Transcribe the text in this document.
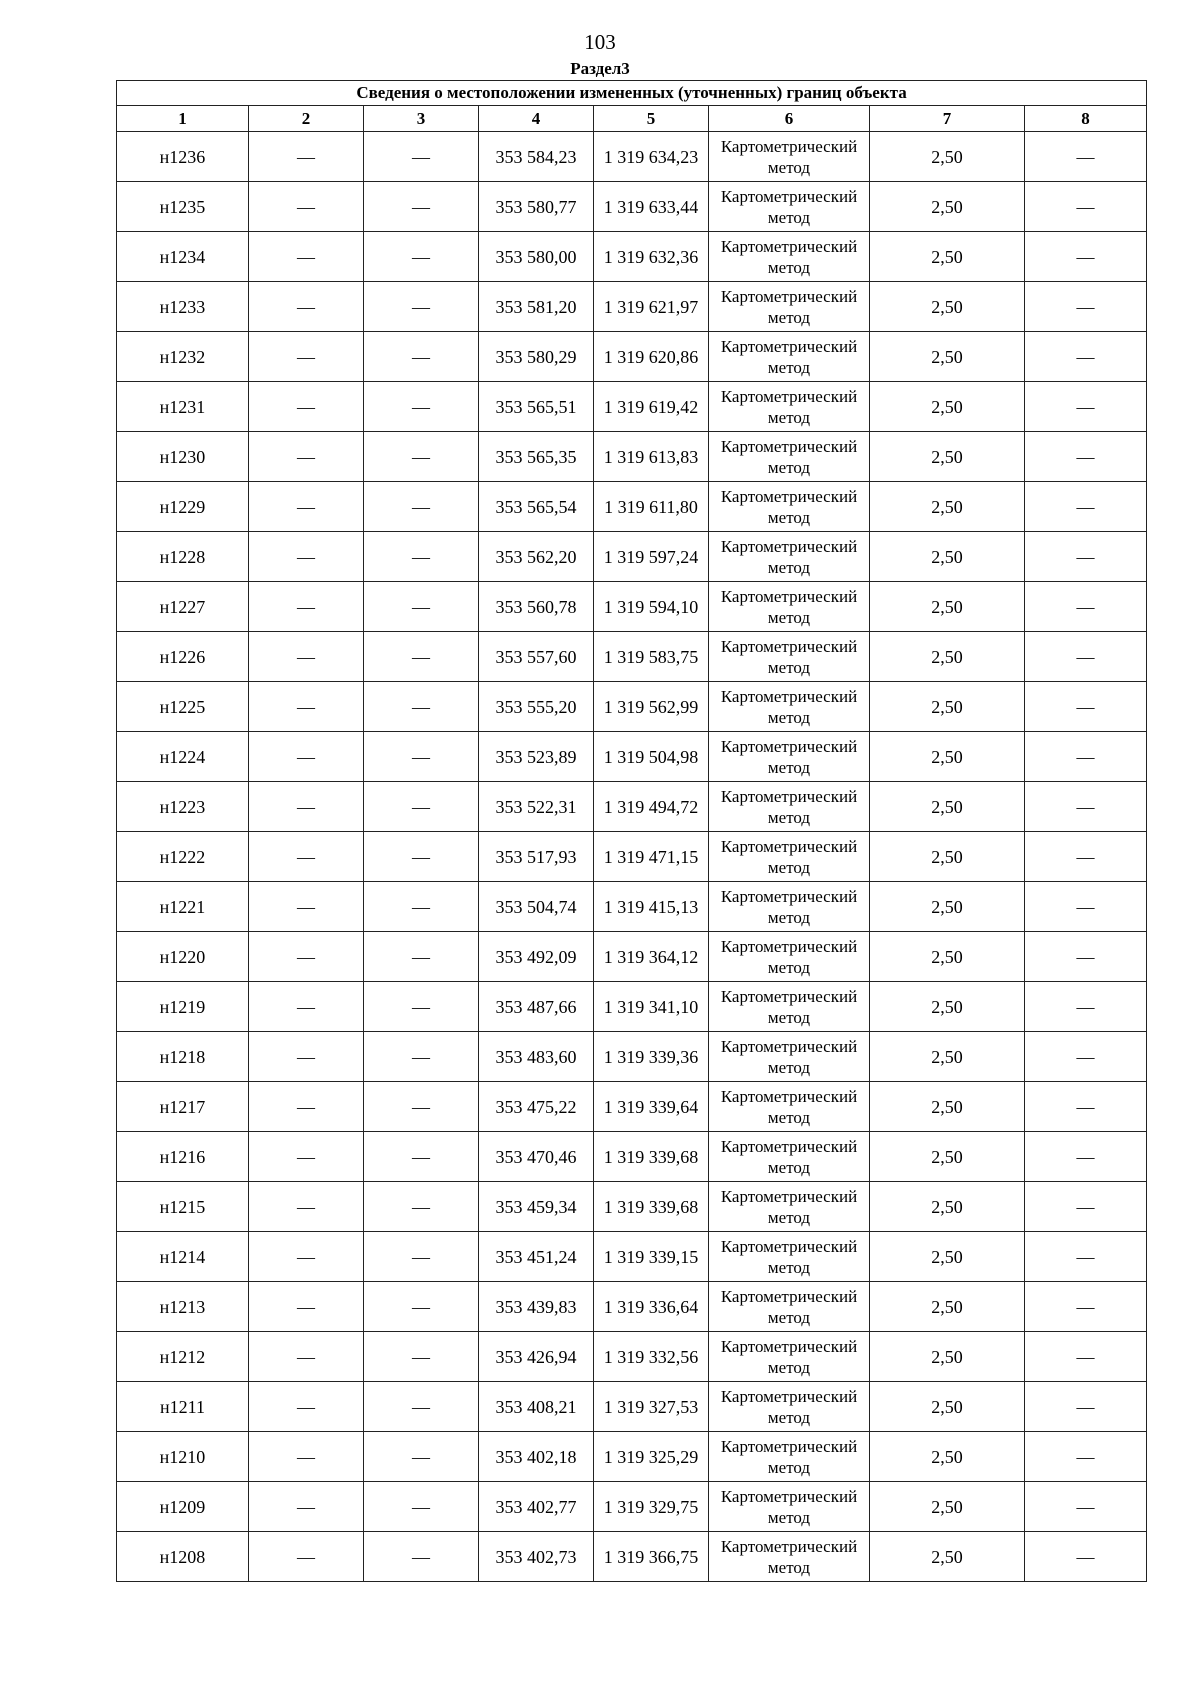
103
Раздел3
Сведения о местоположении измененных (уточненных) границ объекта							
1	2	3	4	5	6	7	8
н1236	—	—	353 584,23	1 319 634,23	Картометрический метод	2,50	—
н1235	—	—	353 580,77	1 319 633,44	Картометрический метод	2,50	—
н1234	—	—	353 580,00	1 319 632,36	Картометрический метод	2,50	—
н1233	—	—	353 581,20	1 319 621,97	Картометрический метод	2,50	—
н1232	—	—	353 580,29	1 319 620,86	Картометрический метод	2,50	—
н1231	—	—	353 565,51	1 319 619,42	Картометрический метод	2,50	—
н1230	—	—	353 565,35	1 319 613,83	Картометрический метод	2,50	—
н1229	—	—	353 565,54	1 319 611,80	Картометрический метод	2,50	—
н1228	—	—	353 562,20	1 319 597,24	Картометрический метод	2,50	—
н1227	—	—	353 560,78	1 319 594,10	Картометрический метод	2,50	—
н1226	—	—	353 557,60	1 319 583,75	Картометрический метод	2,50	—
н1225	—	—	353 555,20	1 319 562,99	Картометрический метод	2,50	—
н1224	—	—	353 523,89	1 319 504,98	Картометрический метод	2,50	—
н1223	—	—	353 522,31	1 319 494,72	Картометрический метод	2,50	—
н1222	—	—	353 517,93	1 319 471,15	Картометрический метод	2,50	—
н1221	—	—	353 504,74	1 319 415,13	Картометрический метод	2,50	—
н1220	—	—	353 492,09	1 319 364,12	Картометрический метод	2,50	—
н1219	—	—	353 487,66	1 319 341,10	Картометрический метод	2,50	—
н1218	—	—	353 483,60	1 319 339,36	Картометрический метод	2,50	—
н1217	—	—	353 475,22	1 319 339,64	Картометрический метод	2,50	—
н1216	—	—	353 470,46	1 319 339,68	Картометрический метод	2,50	—
н1215	—	—	353 459,34	1 319 339,68	Картометрический метод	2,50	—
н1214	—	—	353 451,24	1 319 339,15	Картометрический метод	2,50	—
н1213	—	—	353 439,83	1 319 336,64	Картометрический метод	2,50	—
н1212	—	—	353 426,94	1 319 332,56	Картометрический метод	2,50	—
н1211	—	—	353 408,21	1 319 327,53	Картометрический метод	2,50	—
н1210	—	—	353 402,18	1 319 325,29	Картометрический метод	2,50	—
н1209	—	—	353 402,77	1 319 329,75	Картометрический метод	2,50	—
н1208	—	—	353 402,73	1 319 366,75	Картометрический метод	2,50	—
